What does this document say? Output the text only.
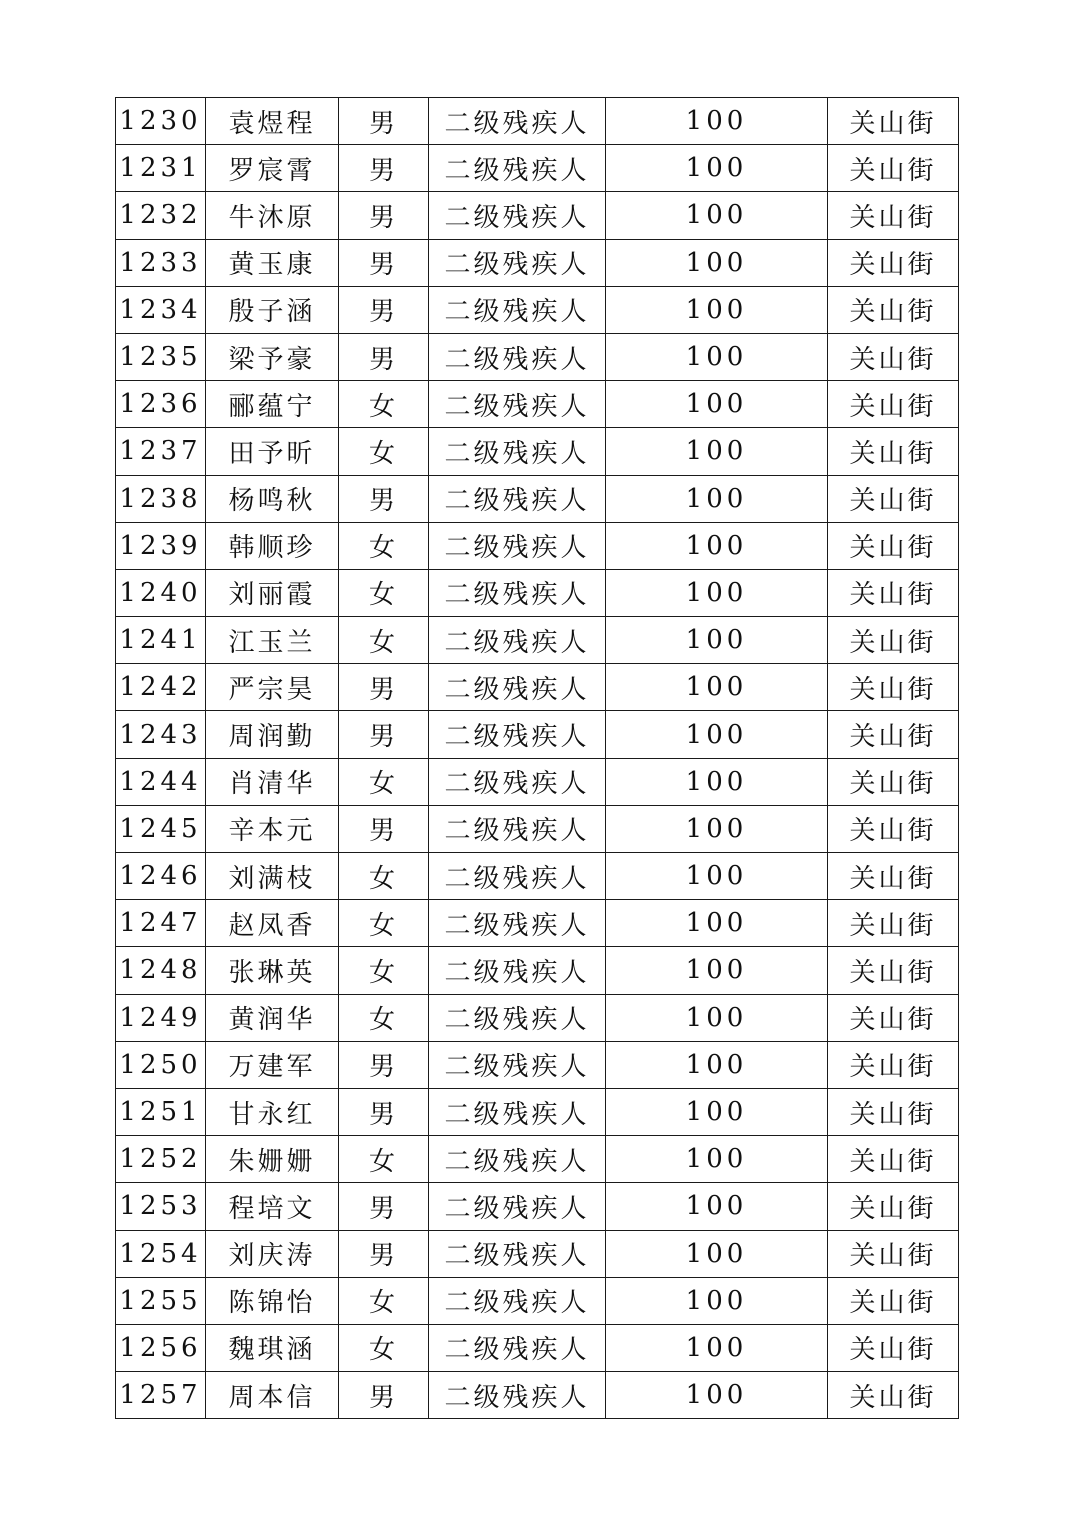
1230	袁煜程	男	二级残疾人	100	关山街
1231	罗宸霄	男	二级残疾人	100	关山街
1232	牛沐原	男	二级残疾人	100	关山街
1233	黄玉康	男	二级残疾人	100	关山街
1234	殷子涵	男	二级残疾人	100	关山街
1235	梁予豪	男	二级残疾人	100	关山街
1236	郦蕴宁	女	二级残疾人	100	关山街
1237	田予昕	女	二级残疾人	100	关山街
1238	杨鸣秋	男	二级残疾人	100	关山街
1239	韩顺珍	女	二级残疾人	100	关山街
1240	刘丽霞	女	二级残疾人	100	关山街
1241	江玉兰	女	二级残疾人	100	关山街
1242	严宗昊	男	二级残疾人	100	关山街
1243	周润勤	男	二级残疾人	100	关山街
1244	肖清华	女	二级残疾人	100	关山街
1245	辛本元	男	二级残疾人	100	关山街
1246	刘满枝	女	二级残疾人	100	关山街
1247	赵凤香	女	二级残疾人	100	关山街
1248	张琳英	女	二级残疾人	100	关山街
1249	黄润华	女	二级残疾人	100	关山街
1250	万建军	男	二级残疾人	100	关山街
1251	甘永红	男	二级残疾人	100	关山街
1252	朱姗姗	女	二级残疾人	100	关山街
1253	程培文	男	二级残疾人	100	关山街
1254	刘庆涛	男	二级残疾人	100	关山街
1255	陈锦怡	女	二级残疾人	100	关山街
1256	魏琪涵	女	二级残疾人	100	关山街
1257	周本信	男	二级残疾人	100	关山街
